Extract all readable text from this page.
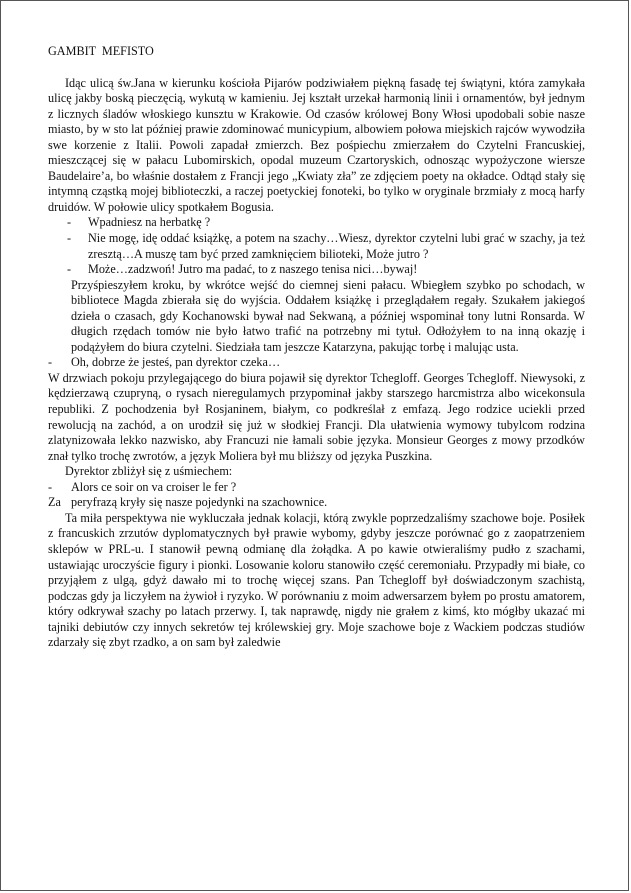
GAMBIT MEFISTO

Idąc ulicą św.Jana w kierunku kościoła Pijarów podziwiałem piękną fasadę tej świątyni, która zamykała ulicę jakby boską pieczęcią, wykutą w kamieniu. Jej kształt urzekał harmonią linii i ornamentów, był jednym z licznych śladów włoskiego kunsztu w Krakowie. Od czasów królowej Bony Włosi upodobali sobie nasze miasto, by w sto lat później prawie zdominować municypium, albowiem połowa miejskich rajców wywodziła swe korzenie z Italii. Powoli zapadał zmierzch. Bez pośpiechu zmierzałem do Czytelni Francuskiej, mieszczącej się w pałacu Lubomirskich, opodal muzeum Czartoryskich, odnosząc wypożyczone wiersze Baudelaire’a, bo właśnie dostałem z Francji jego „Kwiaty zła” ze zdjęciem poety na okładce. Odtąd stały się intymną cząstką mojej biblioteczki, a raczej poetyckiej fonoteki, bo tylko w oryginale brzmiały z mocą harfy druidów. W połowie ulicy spotkałem Bogusia.

-	Wpadniesz na herbatkę ?
-	Nie mogę, idę oddać książkę, a potem na szachy…Wiesz, dyrektor czytelni lubi grać w szachy, ja też zresztą…A muszę tam być przed zamknięciem bilioteki, Może jutro ?
-	Może…zadzwoń! Jutro ma padać, to z naszego tenisa nici…bywaj!

Przyśpieszyłem kroku, by wkrótce wejść do ciemnej sieni pałacu. Wbiegłem szybko po schodach, w bibliotece Magda zbierała się do wyjścia. Oddałem książkę i przeglądałem regały. Szukałem jakiegoś dzieła o czasach, gdy Kochanowski bywał nad Sekwaną, a później wspominał tony lutni Ronsarda. W długich rzędach tomów nie było łatwo trafić na potrzebny mi tytuł. Odłożyłem to na inną okazję i podążyłem do biura czytelni. Siedziała tam jeszcze Katarzyna, pakując torbę i malując usta.

-	Oh, dobrze że jesteś, pan dyrektor czeka…

W drzwiach pokoju przylegającego do biura pojawił się dyrektor Tchegloff. Georges Tchegloff. Niewysoki, z kędzierzawą czupryną, o rysach nieregulamych przypominał jakby starszego harcmistrza albo wicekonsula republiki. Z pochodzenia był Rosjaninem, białym, co podkreślał z emfazą. Jego rodzice uciekli przed rewolucją na zachód, a on urodził się już w słodkiej Francji. Dla ułatwienia wymowy tubylcom rodzina zlatynizowała lekko nazwisko, aby Francuzi nie łamali sobie języka. Monsieur Georges z mowy przodków znał tylko trochę zwrotów, a język Moliera był mu bliższy od języka Puszkina.

Dyrektor zbliżył się z uśmiechem:

-	Alors ce soir on va croiser le fer ?
Za peryfrazą kryły się nasze pojedynki na szachownice.

Ta miła perspektywa nie wykluczała jednak kolacji, którą zwykle poprzedzaliśmy szachowe boje. Posiłek z francuskich zrzutów dyplomatycznych był prawie wybomy, gdyby jeszcze porównać go z zaopatrzeniem sklepów w PRL-u. I stanowił pewną odmianę dla żołądka. A po kawie otwieraliśmy pudło z szachami, ustawiając uroczyście figury i pionki. Losowanie koloru stanowiło część ceremoniału. Przypadły mi białe, co przyjąłem z ulgą, gdyż dawało mi to trochę więcej szans. Pan Tchegloff był doświadczonym szachistą, podczas gdy ja liczyłem na żywioł i ryzyko. W porównaniu z moim adwersarzem byłem po prostu amatorem, który odkrywał szachy po latach przerwy. I, tak naprawdę, nigdy nie grałem z kimś, kto mógłby ukazać mi tajniki debiutów czy innych sekretów tej królewskiej gry. Moje szachowe boje z Wackiem podczas studiów zdarzały się zbyt rzadko, a on sam był zaledwie
